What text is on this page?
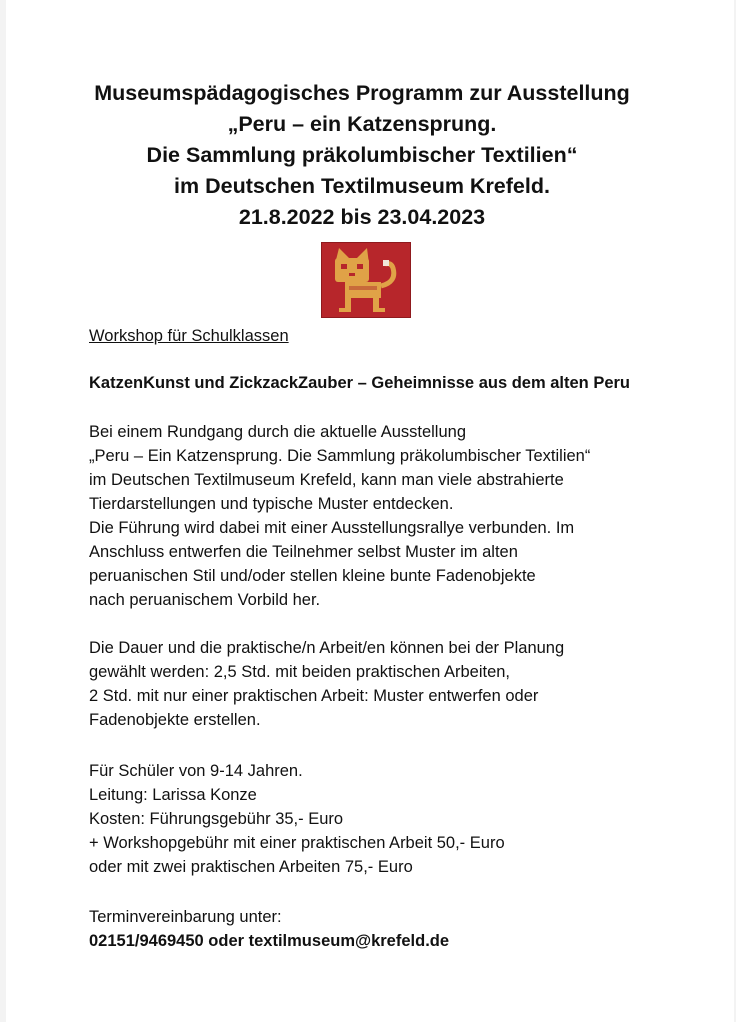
Museumspädagogisches Programm zur Ausstellung
„Peru – ein Katzensprung.
Die Sammlung präkolumbischer Textilien“
im Deutschen Textilmuseum Krefeld.
21.8.2022 bis 23.04.2023
Workshop für Schulklassen
KatzenKunst und ZickzackZauber – Geheimnisse aus dem alten Peru
Bei einem Rundgang durch die aktuelle Ausstellung
„Peru – Ein Katzensprung. Die Sammlung präkolumbischer Textilien“
im Deutschen Textilmuseum Krefeld, kann man viele abstrahierte
Tierdarstellungen und typische Muster entdecken.
Die Führung wird dabei mit einer Ausstellungsrallye verbunden. Im
Anschluss entwerfen die Teilnehmer selbst Muster im alten
peruanischen Stil und/oder stellen kleine bunte Fadenobjekte
nach peruanischem Vorbild her.
Die Dauer und die praktische/n Arbeit/en können bei der Planung
gewählt werden: 2,5 Std. mit beiden praktischen Arbeiten,
2 Std. mit nur einer praktischen Arbeit: Muster entwerfen oder
Fadenobjekte erstellen.
Für Schüler von 9-14 Jahren.
Leitung: Larissa Konze
Kosten: Führungsgebühr 35,- Euro
+ Workshopgebühr mit einer praktischen Arbeit 50,- Euro
oder mit zwei praktischen Arbeiten 75,- Euro
Terminvereinbarung unter:
02151/9469450 oder textilmuseum@krefeld.de
